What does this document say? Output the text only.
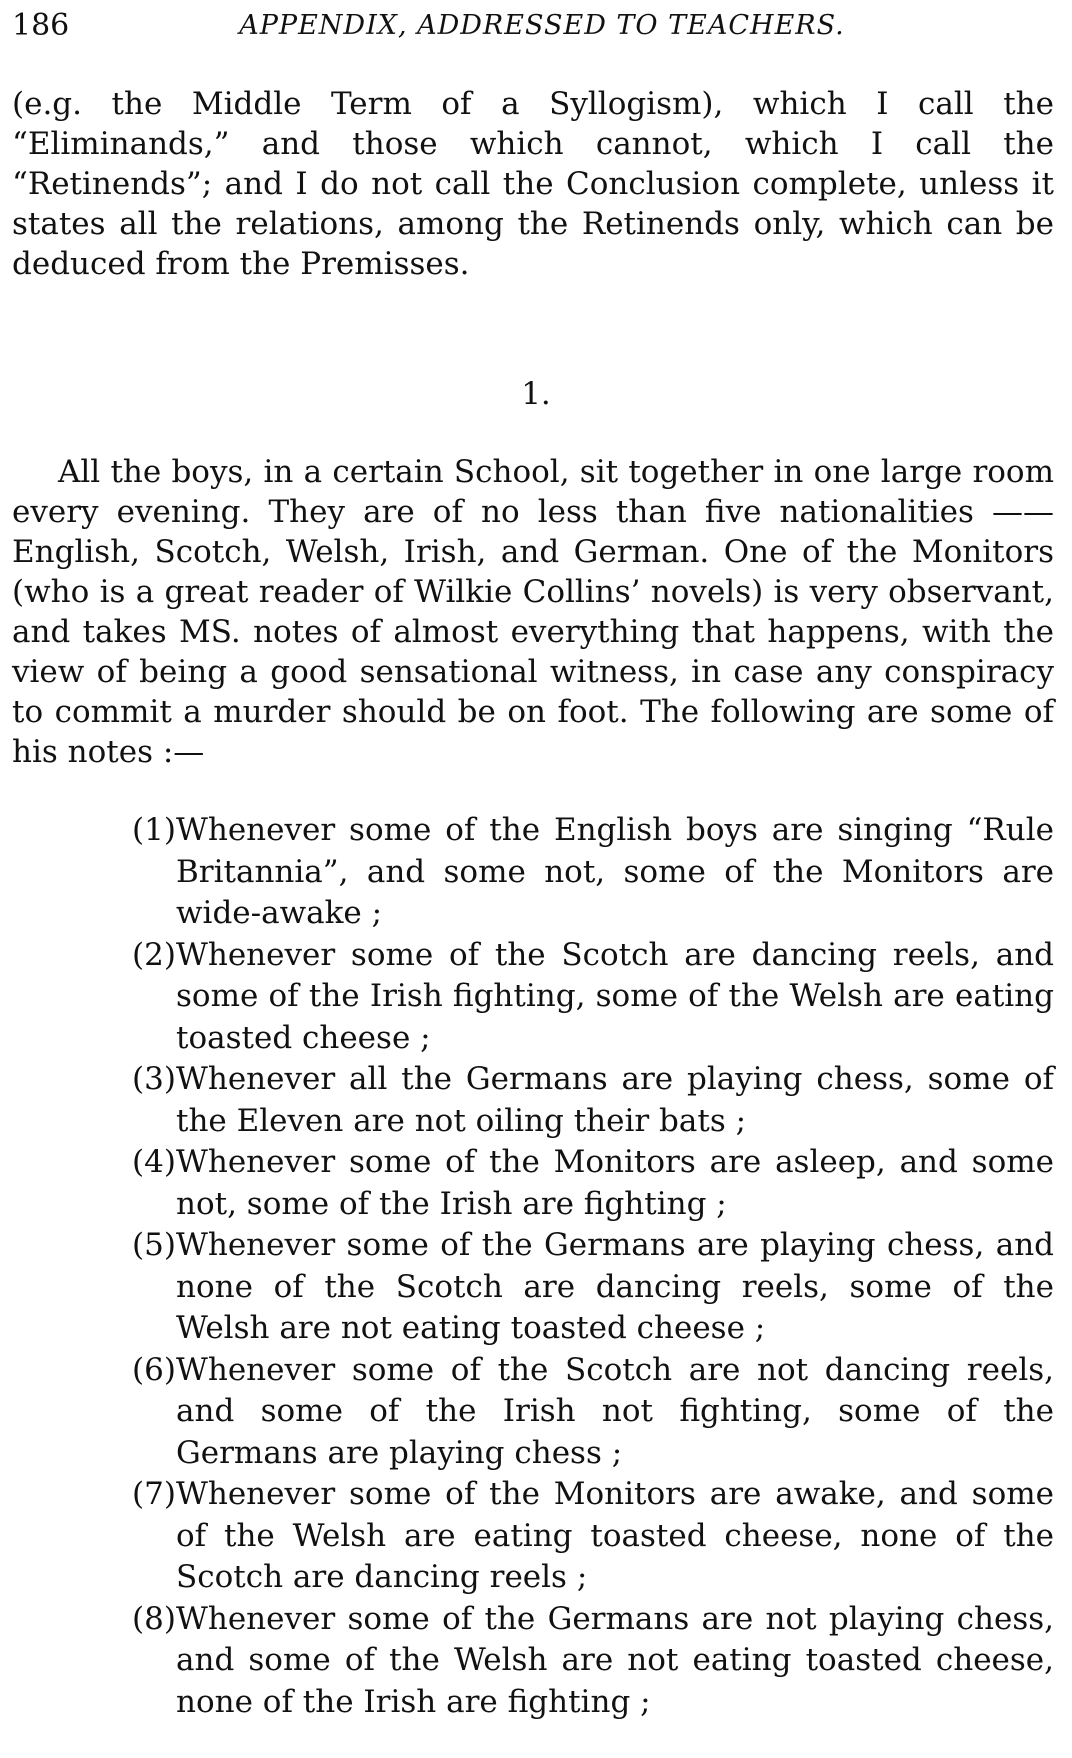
186	APPENDIX, ADDRESSED TO TEACHERS.

(e.g. the Middle Term of a Syllogism), which I call the “Eliminands,” and those which cannot, which I call the “Retinends”; and I do not call the Conclusion complete, unless it states all the relations, among the Retinends only, which can be deduced from the Premisses.

1.

All the boys, in a certain School, sit together in one large room every evening. They are of no less than five nationalities ——English, Scotch, Welsh, Irish, and German. One of the Monitors (who is a great reader of Wilkie Collins’ novels) is very observant, and takes MS. notes of almost everything that happens, with the view of being a good sensational witness, in case any conspiracy to commit a murder should be on foot. The following are some of his notes :—

(1) Whenever some of the English boys are singing “Rule Britannia”, and some not, some of the Monitors are wide-awake ;

(2) Whenever some of the Scotch are dancing reels, and some of the Irish fighting, some of the Welsh are eating toasted cheese ;

(3) Whenever all the Germans are playing chess, some of the Eleven are not oiling their bats ;

(4) Whenever some of the Monitors are asleep, and some not, some of the Irish are fighting ;

(5) Whenever some of the Germans are playing chess, and none of the Scotch are dancing reels, some of the Welsh are not eating toasted cheese ;

(6) Whenever some of the Scotch are not dancing reels, and some of the Irish not fighting, some of the Germans are playing chess ;

(7) Whenever some of the Monitors are awake, and some of the Welsh are eating toasted cheese, none of the Scotch are dancing reels ;

(8) Whenever some of the Germans are not playing chess, and some of the Welsh are not eating toasted cheese, none of the Irish are fighting ;
